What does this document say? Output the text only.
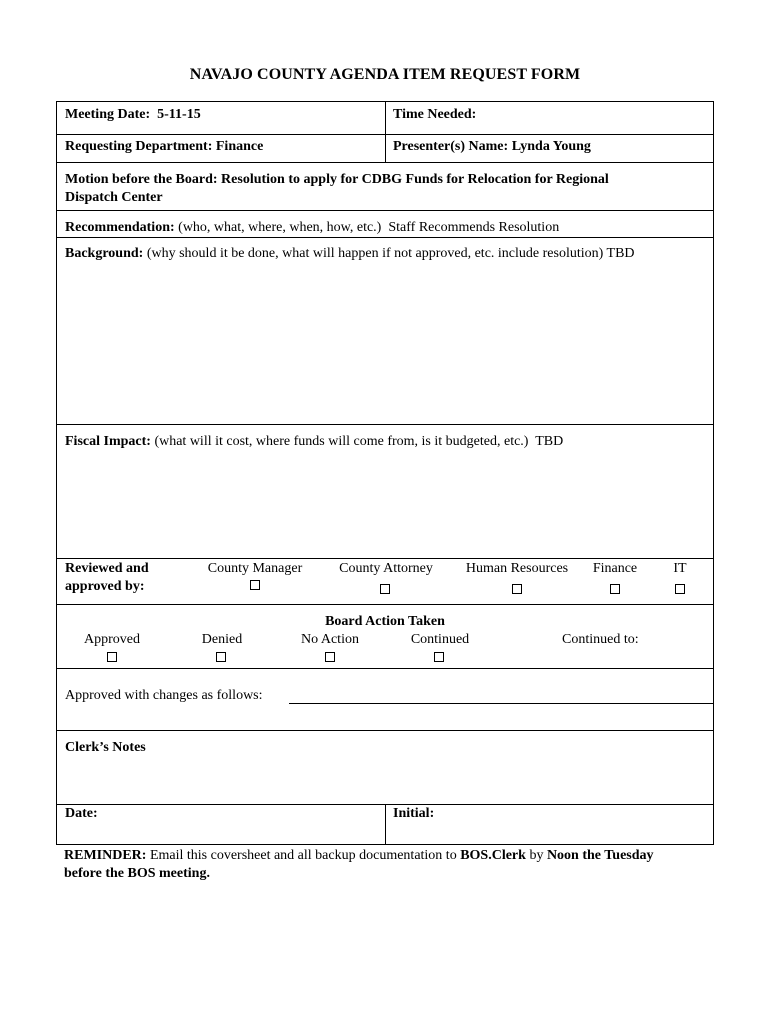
NAVAJO COUNTY AGENDA ITEM REQUEST FORM
Meeting Date: 5-11-15	Time Needed:
Requesting Department: Finance	Presenter(s) Name: Lynda Young
Motion before the Board: Resolution to apply for CDBG Funds for Relocation for Regional
Dispatch Center
Recommendation: (who, what, where, when, how, etc.) Staff Recommends Resolution
Background: (why should it be done, what will happen if not approved, etc. include resolution) TBD
Fiscal Impact: (what will it cost, where funds will come from, is it budgeted, etc.) TBD
Reviewed and
approved by:
County Manager	County Attorney	Human Resources	Finance	IT
Board Action Taken
Approved	Denied	No Action	Continued	Continued to:
Approved with changes as follows:
Clerk’s Notes
Date:	Initial:
REMINDER: Email this coversheet and all backup documentation to BOS.Clerk by Noon the Tuesday
before the BOS meeting.
